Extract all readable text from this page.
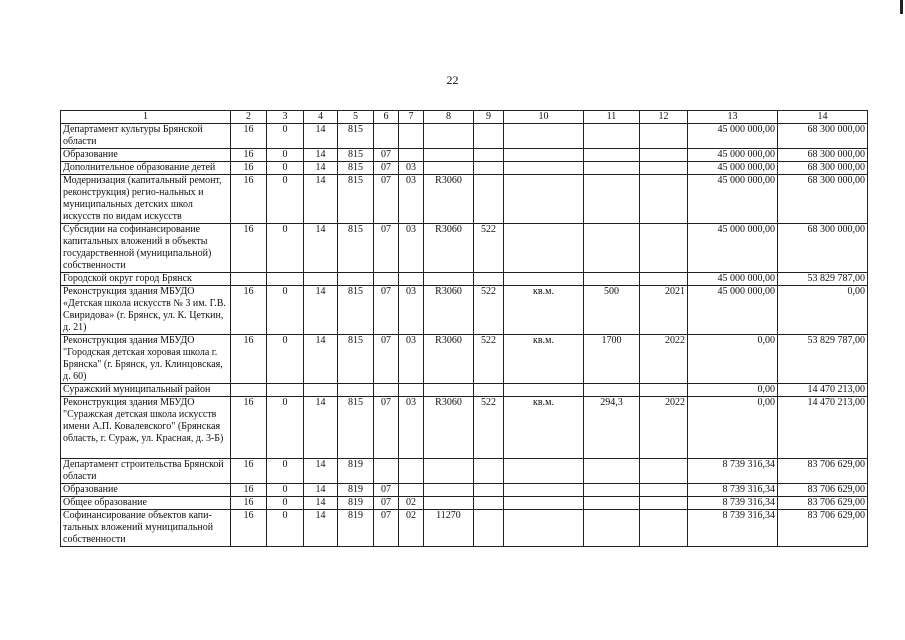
22
1	2	3	4	5	6	7	8	9	10	11	12	13	14
Департамент культуры Брянской области	16	0	14	815								45 000 000,00	68 300 000,00
Образование	16	0	14	815	07							45 000 000,00	68 300 000,00
Дополнительное образование детей	16	0	14	815	07	03						45 000 000,00	68 300 000,00
Модернизация (капитальный ремонт, реконструкция) регио-нальных и муниципальных детских школ искусств по видам искусств	16	0	14	815	07	03	R3060					45 000 000,00	68 300 000,00
Субсидии на софинансирование капитальных вложений в объекты государственной (муниципальной) собственности	16	0	14	815	07	03	R3060	522				45 000 000,00	68 300 000,00
Городской округ город Брянск												45 000 000,00	53 829 787,00
Реконструкция здания МБУДО «Детская школа искусств № 3 им. Г.В. Свиридова» (г. Брянск, ул. К. Цеткин, д. 21)	16	0	14	815	07	03	R3060	522	кв.м.	500	2021	45 000 000,00	0,00
Реконструкция здания МБУДО "Городская детская хоровая школа г. Брянска" (г. Брянск, ул. Клинцовская, д. 60)	16	0	14	815	07	03	R3060	522	кв.м.	1700	2022	0,00	53 829 787,00
Суражский муниципальный район												0,00	14 470 213,00
Реконструкция здания МБУДО "Суражская детская школа искусств имени А.П. Ковалевского" (Брянская область, г. Сураж, ул. Красная, д. 3-Б)	16	0	14	815	07	03	R3060	522	кв.м.	294,3	2022	0,00	14 470 213,00
Департамент строительства Брянской области	16	0	14	819								8 739 316,34	83 706 629,00
Образование	16	0	14	819	07							8 739 316,34	83 706 629,00
Общее образование	16	0	14	819	07	02						8 739 316,34	83 706 629,00
Софинансирование объектов капи-тальных вложений муниципальной собственности	16	0	14	819	07	02	11270					8 739 316,34	83 706 629,00
